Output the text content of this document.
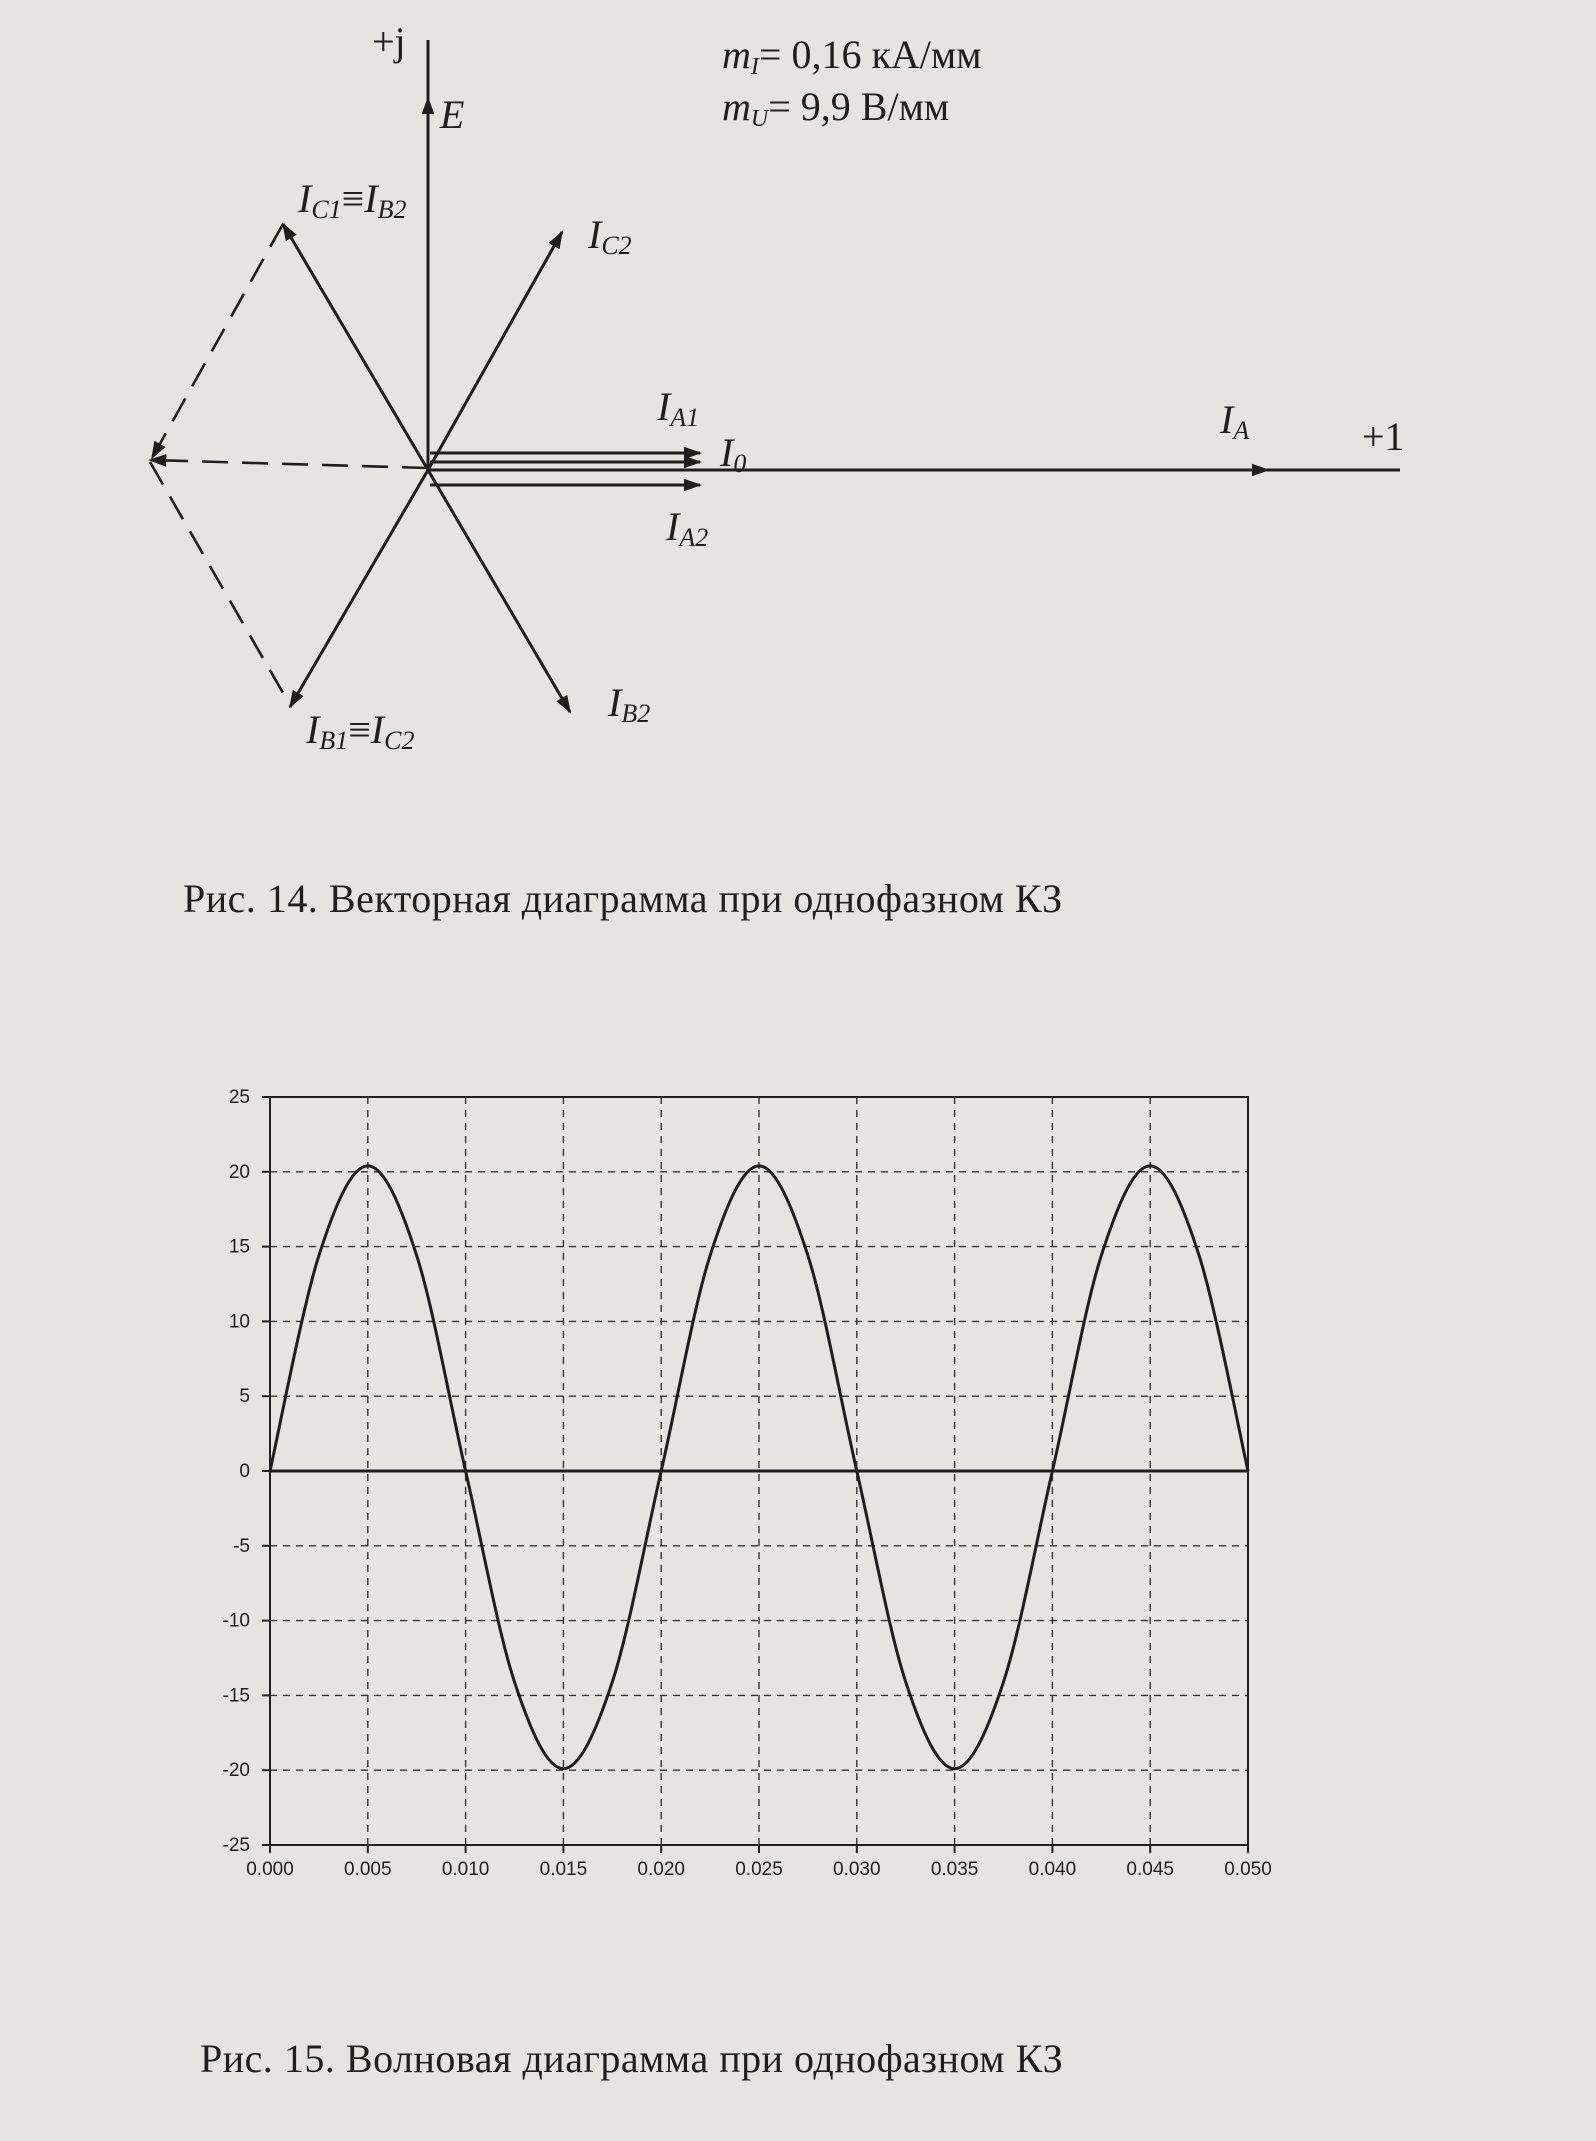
+j
+1
mI= 0,16 кА/мм
mU= 9,9 В/мм
E
IC1≡IB2
IC2
IA1
I0
IA
IA2
IB2
IB1≡IC2
Рис. 14. Векторная диаграмма при однофазном КЗ
0.000	0.005	0.010	0.015	0.020	0.025	0.030	0.035	0.040	0.045	0.050
25
20
15
10
5
0
-5
-10
-15
-20
-25
Рис. 15. Волновая диаграмма при однофазном КЗ
